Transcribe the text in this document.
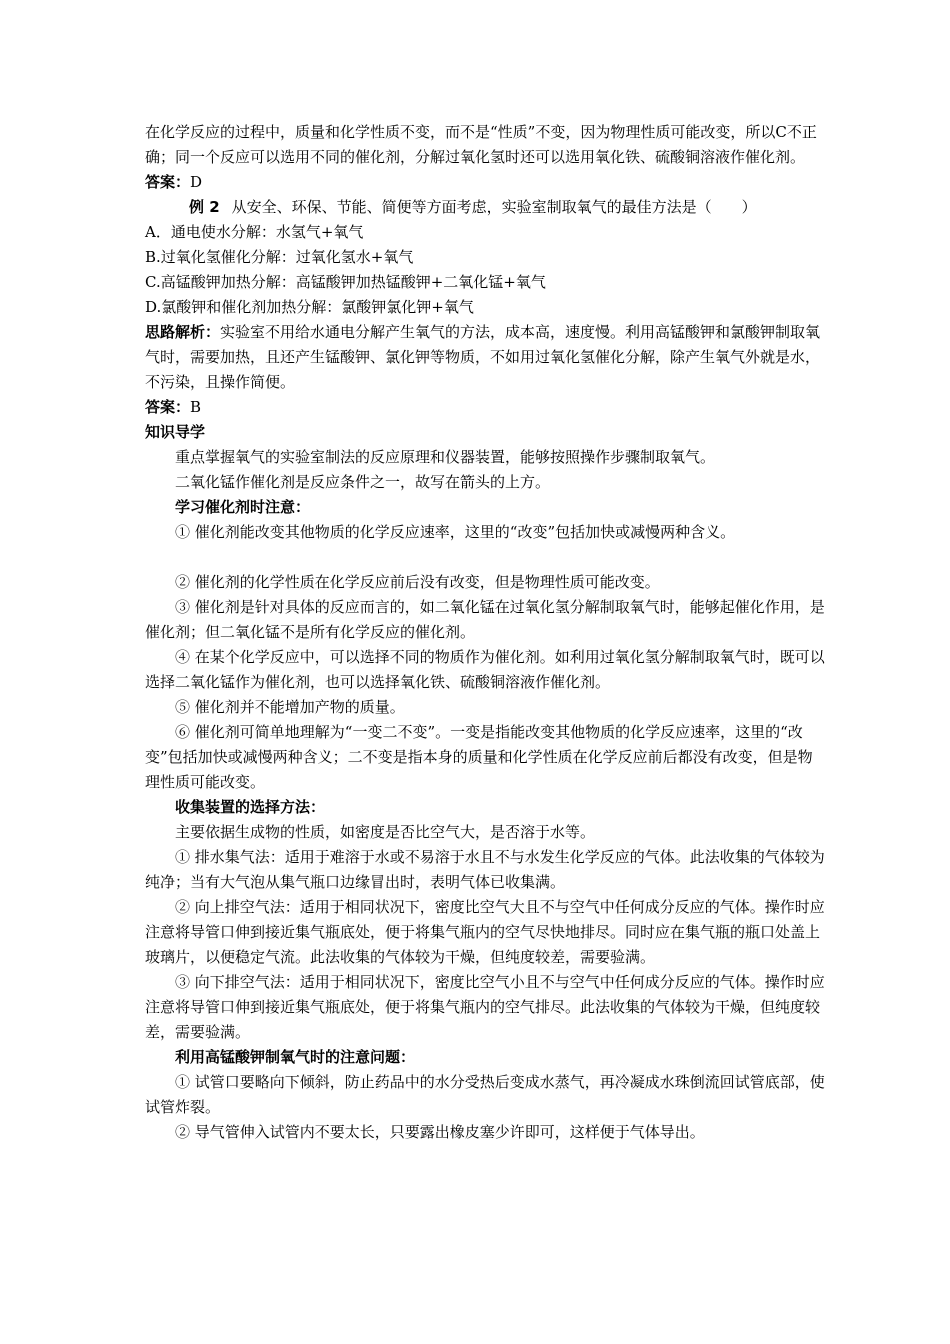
在化学反应的过程中，质量和化学性质不变，而不是“性质”不变，因为物理性质可能改变，所以C不正确；同一个反应可以选用不同的催化剂，分解过氧化氢时还可以选用氧化铁、硫酸铜溶液作催化剂。

答案：D

例 2 从安全、环保、节能、简便等方面考虑，实验室制取氧气的最佳方法是（　　）

A．通电使水分解：水氢气+氧气

B.过氧化氢催化分解：过氧化氢水+氧气

C.高锰酸钾加热分解：高锰酸钾加热锰酸钾+二氧化锰+氧气

D.氯酸钾和催化剂加热分解：氯酸钾氯化钾+氧气

思路解析：实验室不用给水通电分解产生氧气的方法，成本高，速度慢。利用高锰酸钾和氯酸钾制取氧气时，需要加热，且还产生锰酸钾、氯化钾等物质，不如用过氧化氢催化分解，除产生氧气外就是水，不污染，且操作简便。

答案：B

知识导学

重点掌握氧气的实验室制法的反应原理和仪器装置，能够按照操作步骤制取氧气。

二氧化锰作催化剂是反应条件之一，故写在箭头的上方。

学习催化剂时注意：

① 催化剂能改变其他物质的化学反应速率，这里的“改变”包括加快或减慢两种含义。

② 催化剂的化学性质在化学反应前后没有改变，但是物理性质可能改变。

③ 催化剂是针对具体的反应而言的，如二氧化锰在过氧化氢分解制取氧气时，能够起催化作用，是催化剂；但二氧化锰不是所有化学反应的催化剂。

④ 在某个化学反应中，可以选择不同的物质作为催化剂。如利用过氧化氢分解制取氧气时，既可以选择二氧化锰作为催化剂，也可以选择氧化铁、硫酸铜溶液作催化剂。

⑤ 催化剂并不能增加产物的质量。

⑥ 催化剂可简单地理解为“一变二不变”。一变是指能改变其他物质的化学反应速率，这里的“改变”包括加快或减慢两种含义；二不变是指本身的质量和化学性质在化学反应前后都没有改变，但是物理性质可能改变。

收集装置的选择方法：

主要依据生成物的性质，如密度是否比空气大，是否溶于水等。

① 排水集气法：适用于难溶于水或不易溶于水且不与水发生化学反应的气体。此法收集的气体较为纯净；当有大气泡从集气瓶口边缘冒出时，表明气体已收集满。

② 向上排空气法：适用于相同状况下，密度比空气大且不与空气中任何成分反应的气体。操作时应注意将导管口伸到接近集气瓶底处，便于将集气瓶内的空气尽快地排尽。同时应在集气瓶的瓶口处盖上玻璃片，以便稳定气流。此法收集的气体较为干燥，但纯度较差，需要验满。

③ 向下排空气法：适用于相同状况下，密度比空气小且不与空气中任何成分反应的气体。操作时应注意将导管口伸到接近集气瓶底处，便于将集气瓶内的空气排尽。此法收集的气体较为干燥，但纯度较差，需要验满。

利用高锰酸钾制氧气时的注意问题：

① 试管口要略向下倾斜，防止药品中的水分受热后变成水蒸气，再冷凝成水珠倒流回试管底部，使试管炸裂。

② 导气管伸入试管内不要太长，只要露出橡皮塞少许即可，这样便于气体导出。
